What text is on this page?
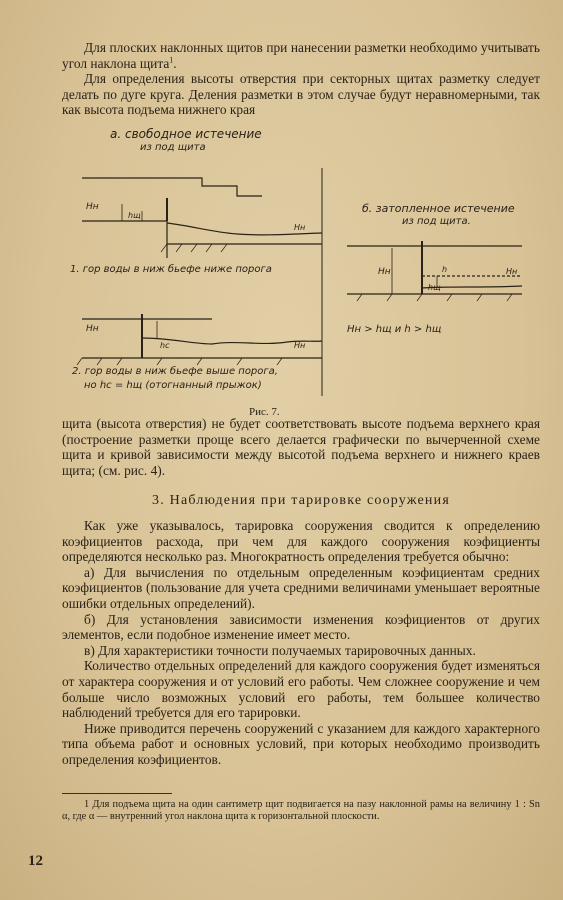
Для плоских наклонных щитов при нанесении разметки необходимо учитывать угол наклона щита$^1$.

Для определения высоты отверстия при секторных щитах разметку следует делать по дуге круга. Деления разметки в этом случае будут неравномерными, так как высота подъема нижнего края

а. свободное истечение
из под щита
Hн
hщ
Hн
1. гор воды в ниж бьефе ниже порога
Hн
hc	Hн
2. гор воды в ниж бьефе выше порога,
но hc = hщ (отогнанный прыжок)
б. затопленное истечение
из под щита.
Hн	h
hщ
Hн
Hн > hщ и h > hщ
Рис. 7.

щита (высота отверстия) не будет соответствовать высоте подъема верхнего края (построение разметки проще всего делается графически по вычерченной схеме щита и кривой зависимости между высотой подъема верхнего и нижнего краев щита; (см. рис. 4).

3. Наблюдения при тарировке сооружения

Как уже указывалось, тарировка сооружения сводится к определению коэфициентов расхода, при чем для каждого сооружения коэфициенты определяются несколько раз. Многократность определения требуется обычно:

а) Для вычисления по отдельным определенным коэфициентам средних коэфициентов (пользование для учета средними величинами уменьшает вероятные ошибки отдельных определений).

б) Для установления зависимости изменения коэфициентов от других элементов, если подобное изменение имеет место.

в) Для характеристики точности получаемых тарировочных данных.

Количество отдельных определений для каждого сооружения будет изменяться от характера сооружения и от условий его работы. Чем сложнее сооружение и чем больше число возможных условий его работы, тем большее количество наблюдений требуется для его тарировки.

Ниже приводится перечень сооружений с указанием для каждого характерного типа объема работ и основных условий, при которых необходимо производить определения коэфициентов.

1 Для подъема щита на один сантиметр щит подвигается на пазу наклонной рамы на величину 1 : Sn α, где α — внутренний угол наклона щита к горизонтальной плоскости.

12
